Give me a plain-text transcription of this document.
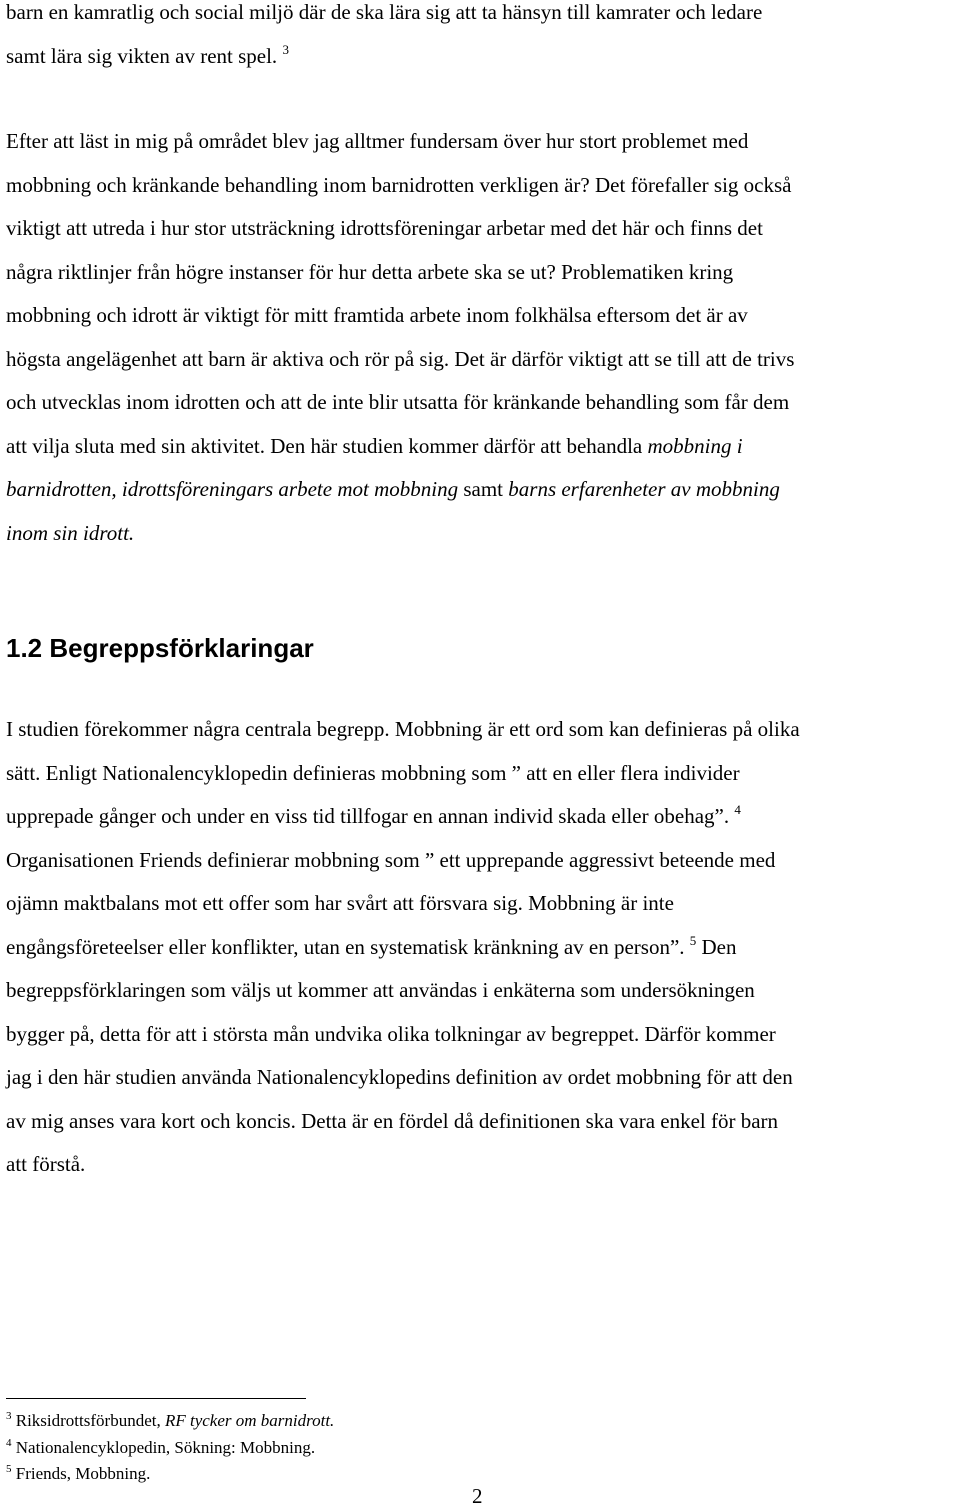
barn en kamratlig och social miljö där de ska lära sig att ta hänsyn till kamrater och ledare
samt lära sig vikten av rent spel. $^3$

Efter att läst in mig på området blev jag alltmer fundersam över hur stort problemet med
mobbning och kränkande behandling inom barnidrotten verkligen är? Det förefaller sig också
viktigt att utreda i hur stor utsträckning idrottsföreningar arbetar med det här och finns det
några riktlinjer från högre instanser för hur detta arbete ska se ut? Problematiken kring
mobbning och idrott är viktigt för mitt framtida arbete inom folkhälsa eftersom det är av
högsta angelägenhet att barn är aktiva och rör på sig. Det är därför viktigt att se till att de trivs
och utvecklas inom idrotten och att de inte blir utsatta för kränkande behandling som får dem
att vilja sluta med sin aktivitet. Den här studien kommer därför att behandla mobbning i
barnidrotten, idrottsföreningars arbete mot mobbning samt barns erfarenheter av mobbning
inom sin idrott.

1.2 Begreppsförklaringar

I studien förekommer några centrala begrepp. Mobbning är ett ord som kan definieras på olika
sätt. Enligt Nationalencyklopedin definieras mobbning som ” att en eller flera individer
upprepade gånger och under en viss tid tillfogar en annan individ skada eller obehag”. $^4$
Organisationen Friends definierar mobbning som ” ett upprepande aggressivt beteende med
ojämn maktbalans mot ett offer som har svårt att försvara sig. Mobbning är inte
engångsföreteelser eller konflikter, utan en systematisk kränkning av en person”. $^5$ Den
begreppsförklaringen som väljs ut kommer att användas i enkäterna som undersökningen
bygger på, detta för att i största mån undvika olika tolkningar av begreppet. Därför kommer
jag i den här studien använda Nationalencyklopedins definition av ordet mobbning för att den
av mig anses vara kort och koncis. Detta är en fördel då definitionen ska vara enkel för barn
att förstå.

$^3$ Riksidrottsförbundet, RF tycker om barnidrott.
$^4$ Nationalencyklopedin, Sökning: Mobbning.
$^5$ Friends, Mobbning.
2
